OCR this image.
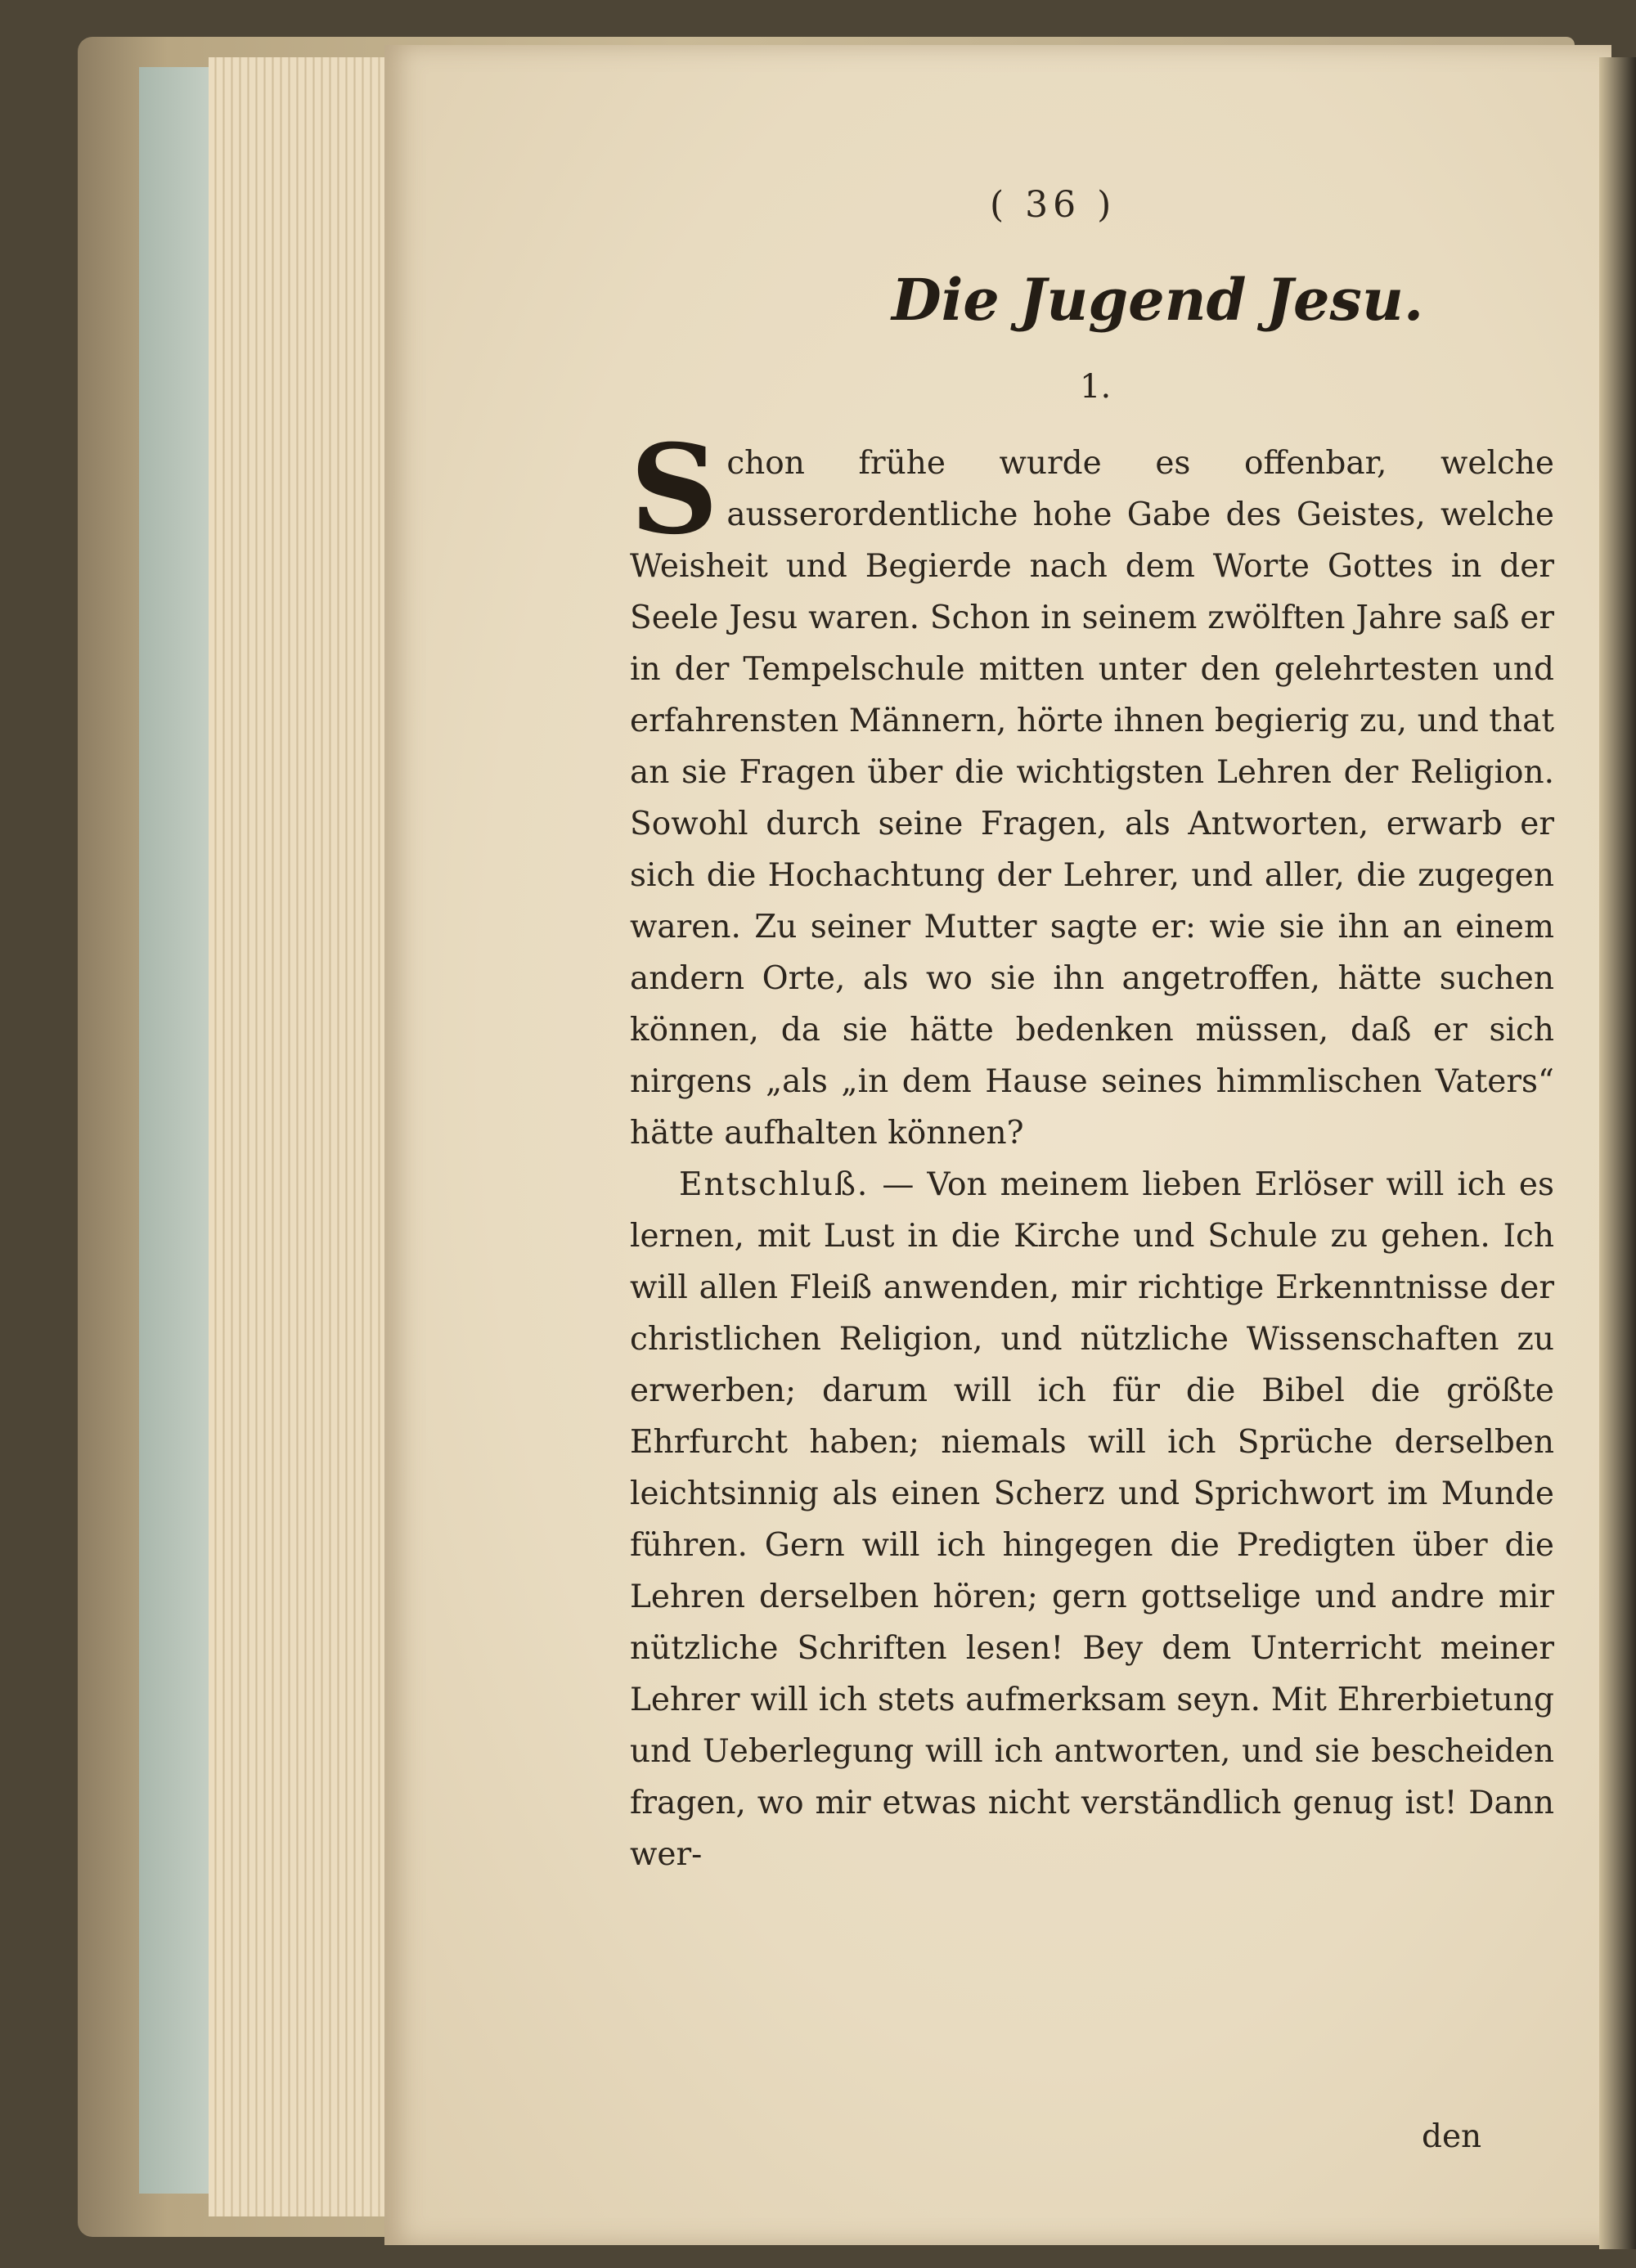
( 36 )
Die Jugend Jesu.
1.

Schon frühe wurde es offenbar, welche ausserordentliche hohe Gabe des Geistes, welche Weisheit und Begierde nach dem Worte Gottes in der Seele Jesu waren. Schon in seinem zwölften Jahre saß er in der Tempelschule mitten unter den gelehrtesten und erfahrensten Männern, hörte ihnen begierig zu, und that an sie Fragen über die wichtigsten Lehren der Religion. Sowohl durch seine Fragen, als Antworten, erwarb er sich die Hochachtung der Lehrer, und aller, die zugegen waren. Zu seiner Mutter sagte er: wie sie ihn an einem andern Orte, als wo sie ihn angetroffen, hätte suchen können, da sie hätte bedenken müssen, daß er sich nirgens „als „in dem Hause seines himmlischen Vaters“ hätte aufhalten können?

Entschluß. — Von meinem lieben Erlöser will ich es lernen, mit Lust in die Kirche und Schule zu gehen. Ich will allen Fleiß anwenden, mir richtige Erkenntnisse der christlichen Religion, und nützliche Wissenschaften zu erwerben; darum will ich für die Bibel die größte Ehrfurcht haben; niemals will ich Sprüche derselben leichtsinnig als einen Scherz und Sprichwort im Munde führen. Gern will ich hingegen die Predigten über die Lehren derselben hören; gern gottselige und andre mir nützliche Schriften lesen! Bey dem Unterricht meiner Lehrer will ich stets aufmerksam seyn. Mit Ehrerbietung und Ueberlegung will ich antworten, und sie bescheiden fragen, wo mir etwas nicht verständlich genug ist! Dann wer-

den
